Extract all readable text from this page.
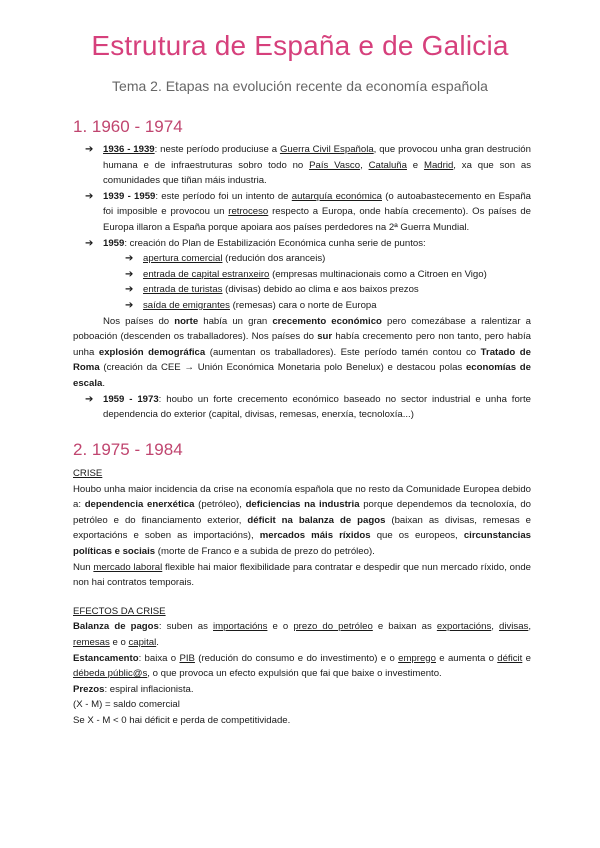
Estrutura de España e de Galicia
Tema 2. Etapas na evolución recente da economía española
1. 1960 - 1974

➔ 1936 - 1939: neste período produciuse a Guerra Civil Española, que provocou unha gran destrución humana e de infraestruturas sobro todo no País Vasco, Cataluña e Madrid, xa que son as comunidades que tiñan máis industria.

➔ 1939 - 1959: este período foi un intento de autarquía económica (o autoabastecemento en España foi imposible e provocou un retroceso respecto a Europa, onde había crecemento). Os países de Europa illaron a España porque apoiara aos países perdedores na 2ª Guerra Mundial.

➔ 1959: creación do Plan de Estabilización Económica cunha serie de puntos:

➔ apertura comercial (redución dos aranceis)

➔ entrada de capital estranxeiro (empresas multinacionais como a Citroen en Vigo)

➔ entrada de turistas (divisas) debido ao clima e aos baixos prezos

➔ saída de emigrantes (remesas) cara o norte de Europa

Nos países do norte había un gran crecemento económico pero comezábase a ralentizar a poboación (descenden os traballadores). Nos países do sur había crecemento pero non tanto, pero había unha explosión demográfica (aumentan os traballadores). Este período tamén contou co Tratado de Roma (creación da CEE → Unión Económica Monetaria polo Benelux) e destacou polas economías de escala.

➔ 1959 - 1973: houbo un forte crecemento económico baseado no sector industrial e unha forte dependencia do exterior (capital, divisas, remesas, enerxía, tecnoloxía...)

2. 1975 - 1984

CRISE

Houbo unha maior incidencia da crise na economía española que no resto da Comunidade Europea debido a: dependencia enerxética (petróleo), deficiencias na industria porque dependemos da tecnoloxía, do petróleo e do financiamento exterior, déficit na balanza de pagos (baixan as divisas, remesas e exportacións e soben as importacións), mercados máis ríxidos que os europeos, circunstancias políticas e sociais (morte de Franco e a subida de prezo do petróleo).

Nun mercado laboral flexible hai maior flexibilidade para contratar e despedir que nun mercado ríxido, onde non hai contratos temporais.

EFECTOS DA CRISE

Balanza de pagos: suben as importacións e o prezo do petróleo e baixan as exportacións, divisas, remesas e o capital.

Estancamento: baixa o PIB (redución do consumo e do investimento) e o emprego e aumenta o déficit e débeda públic@s, o que provoca un efecto expulsión que fai que baixe o investimento.

Prezos: espiral inflacionista.

(X - M) = saldo comercial

Se X - M < 0 hai déficit e perda de competitividade.
